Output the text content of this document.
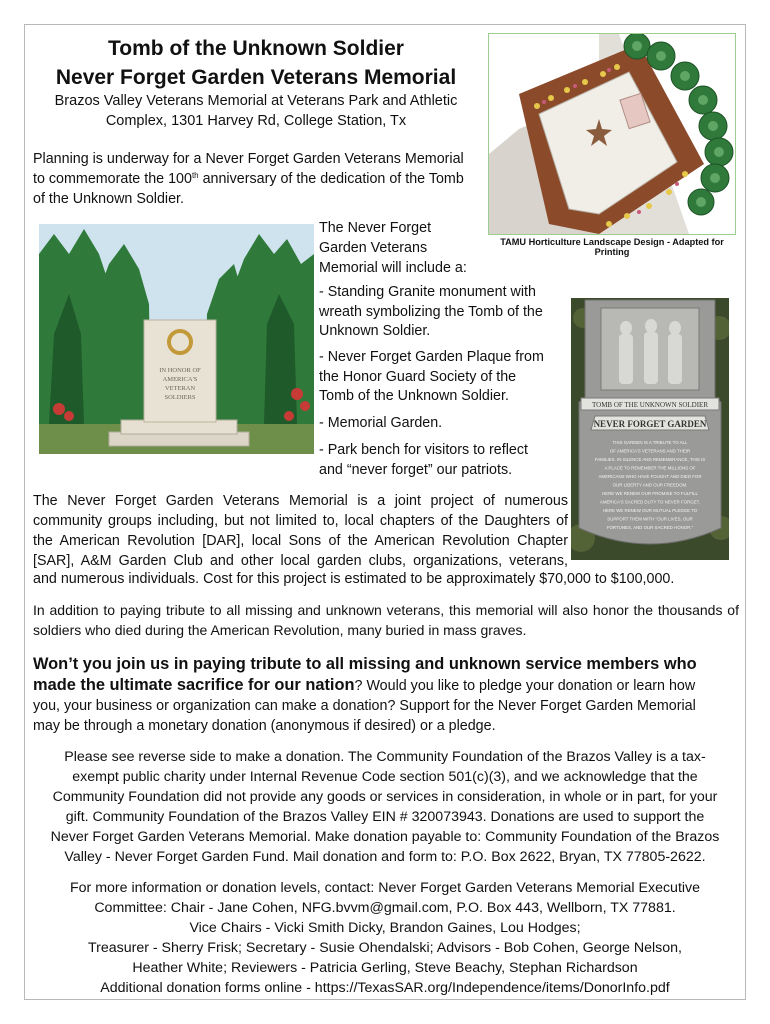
Tomb of the Unknown Soldier
Never Forget Garden Veterans Memorial
Brazos Valley Veterans Memorial at Veterans Park and Athletic
Complex, 1301 Harvey Rd, College Station, Tx
Planning is underway for a Never Forget Garden Veterans Memorial
to commemorate the 100th anniversary of the dedication of the Tomb
of the Unknown Soldier.
TAMU Horticulture Landscape Design - Adapted for Printing
IN HONOR OF
AMERICA'S
VETERAN
SOLDIERS
The Never Forget
Garden Veterans
Memorial will include a:
- Standing Granite monument with
wreath symbolizing the Tomb of the
Unknown Soldier.
- Never Forget Garden Plaque from
the Honor Guard Society of the
Tomb of the Unknown Soldier.
- Memorial Garden.
- Park bench for visitors to reflect
and “never forget” our patriots.
TOMB OF THE UNKNOWN SOLDIER
NEVER FORGET GARDEN
THIS GARDEN IS A TRIBUTE TO ALL
OF AMERICA'S VETERANS AND THEIR
FAMILIES. IN SILENCE AND REMEMBRANCE, THIS IS
A PLACE TO REMEMBER THE MILLIONS OF
AMERICANS WHO HAVE FOUGHT AND DIED FOR
OUR LIBERTY AND OUR FREEDOM.
HERE WE RENEW OUR PROMISE TO FULFILL
AMERICA'S SACRED DUTY TO NEVER FORGET.
HERE WE RENEW OUR MUTUAL PLEDGE TO
SUPPORT THEM WITH "OUR LIVES, OUR
FORTUNES, AND OUR SACRED HONOR."
The Never Forget Garden Veterans Memorial is a joint project of numerous
community groups including, but not limited to, local chapters of the Daughters of
the American Revolution [DAR], local Sons of the American Revolution Chapter
[SAR], A&M Garden Club and other local garden clubs, organizations, veterans,
and numerous individuals. Cost for this project is estimated to be approximately $70,000 to $100,000.
In addition to paying tribute to all missing and unknown veterans, this memorial will also honor the thousands of soldiers who died during the American Revolution, many buried in mass graves.
Won’t you join us in paying tribute to all missing and unknown service members who
made the ultimate sacrifice for our nation? Would you like to pledge your donation or learn how
you, your business or organization can make a donation? Support for the Never Forget Garden Memorial
may be through a monetary donation (anonymous if desired) or a pledge.
Please see reverse side to make a donation. The Community Foundation of the Brazos Valley is a tax-
exempt public charity under Internal Revenue Code section 501(c)(3), and we acknowledge that the
Community Foundation did not provide any goods or services in consideration, in whole or in part, for your
gift. Community Foundation of the Brazos Valley EIN # 320073943. Donations are used to support the
Never Forget Garden Veterans Memorial. Make donation payable to: Community Foundation of the Brazos
Valley - Never Forget Garden Fund. Mail donation and form to: P.O. Box 2622, Bryan, TX 77805-2622.
For more information or donation levels, contact: Never Forget Garden Veterans Memorial Executive
Committee: Chair - Jane Cohen, NFG.bvvm@gmail.com, P.O. Box 443, Wellborn, TX 77881.
Vice Chairs - Vicki Smith Dicky, Brandon Gaines, Lou Hodges;
Treasurer - Sherry Frisk; Secretary - Susie Ohendalski; Advisors - Bob Cohen, George Nelson,
Heather White; Reviewers - Patricia Gerling, Steve Beachy, Stephan Richardson
Additional donation forms online - https://TexasSAR.org/Independence/items/DonorInfo.pdf
